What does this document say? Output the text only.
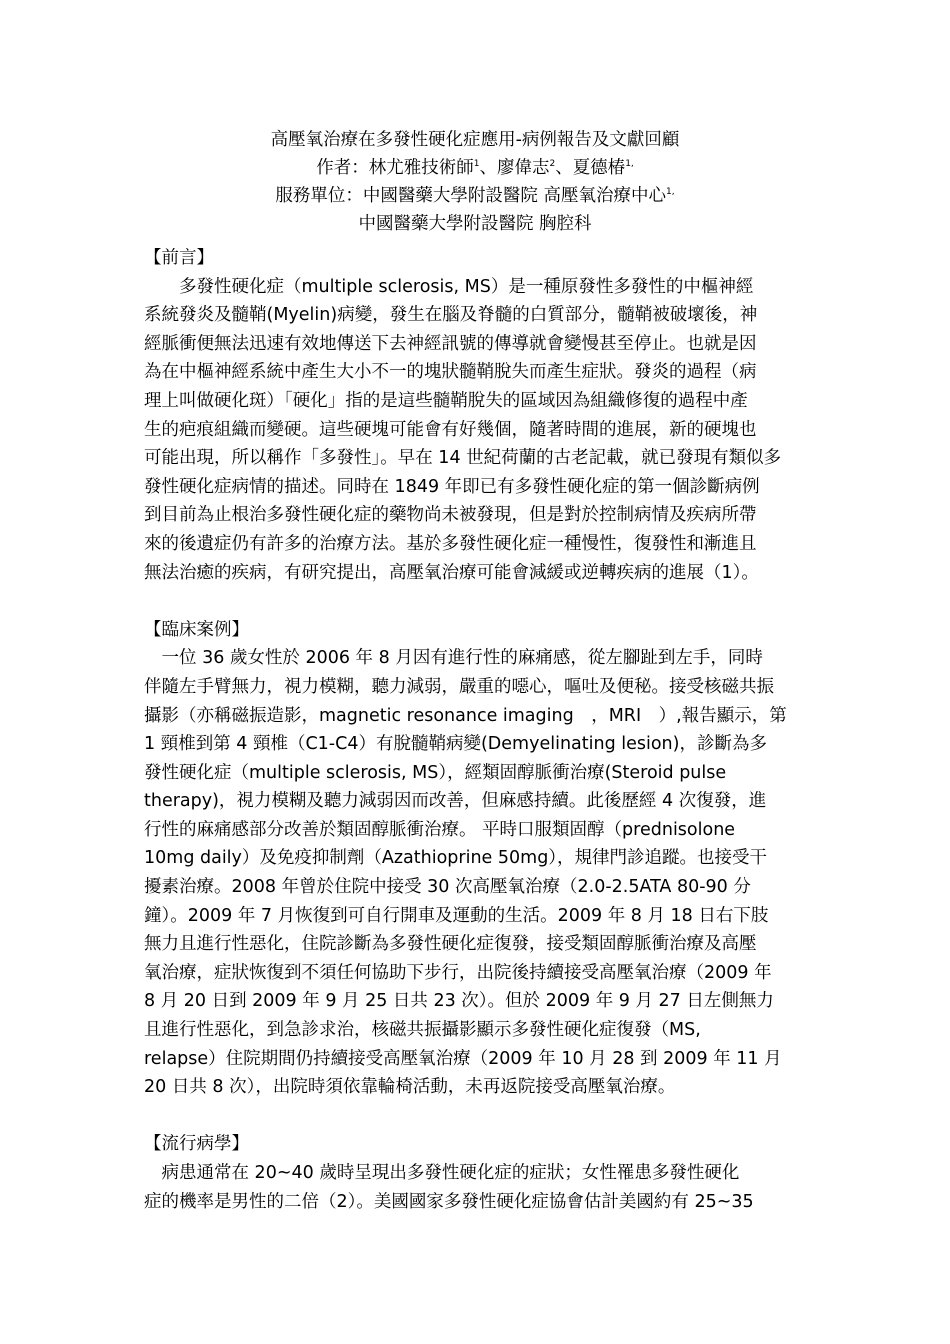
高壓氧治療在多發性硬化症應用-病例報告及文獻回顧
作者：林尤雅技術師$^1$、廖偉志$^2$、夏德椿$^{1,}$
服務單位：中國醫藥大學附設醫院 高壓氧治療中心$^{1,}$
中國醫藥大學附設醫院 胸腔科
【前言】
　　多發性硬化症（multiple sclerosis, MS）是一種原發性多發性的中樞神經
系統發炎及髓鞘(Myelin)病變，發生在腦及脊髓的白質部分，髓鞘被破壞後，神
經脈衝便無法迅速有效地傳送下去神經訊號的傳導就會變慢甚至停止。也就是因
為在中樞神經系統中產生大小不一的塊狀髓鞘脫失而產生症狀。發炎的過程（病
理上叫做硬化斑）「硬化」指的是這些髓鞘脫失的區域因為組織修復的過程中產
生的疤痕組織而變硬。這些硬塊可能會有好幾個，隨著時間的進展，新的硬塊也
可能出現，所以稱作「多發性」。早在 14 世紀荷蘭的古老記載，就已發現有類似多
發性硬化症病情的描述。同時在 1849 年即已有多發性硬化症的第一個診斷病例
到目前為止根治多發性硬化症的藥物尚未被發現，但是對於控制病情及疾病所帶
來的後遺症仍有許多的治療方法。基於多發性硬化症一種慢性，復發性和漸進且
無法治癒的疾病，有研究提出，高壓氧治療可能會減緩或逆轉疾病的進展（1）。
【臨床案例】
　一位 36 歲女性於 2006 年 8 月因有進行性的麻痛感，從左腳趾到左手，同時
伴隨左手臂無力，視力模糊，聽力減弱，嚴重的噁心，嘔吐及便秘。接受核磁共振
攝影（亦稱磁振造影，magnetic resonance imaging　，MRI　）,報告顯示，第
1 頸椎到第 4 頸椎（C1-C4）有脫髓鞘病變(Demyelinating lesion)，診斷為多
發性硬化症（multiple sclerosis, MS），經類固醇脈衝治療(Steroid pulse
therapy)，視力模糊及聽力減弱因而改善，但麻感持續。此後歷經 4 次復發，進
行性的麻痛感部分改善於類固醇脈衝治療。 平時口服類固醇（prednisolone
10mg daily）及免疫抑制劑（Azathioprine 50mg），規律門診追蹤。也接受干
擾素治療。2008 年曾於住院中接受 30 次高壓氧治療（2.0-2.5ATA 80-90 分
鐘）。2009 年 7 月恢復到可自行開車及運動的生活。2009 年 8 月 18 日右下肢
無力且進行性惡化，住院診斷為多發性硬化症復發，接受類固醇脈衝治療及高壓
氧治療，症狀恢復到不須任何協助下步行，出院後持續接受高壓氧治療（2009 年
8 月 20 日到 2009 年 9 月 25 日共 23 次）。但於 2009 年 9 月 27 日左側無力
且進行性惡化，到急診求治，核磁共振攝影顯示多發性硬化症復發（MS,
relapse）住院期間仍持續接受高壓氧治療（2009 年 10 月 28 到 2009 年 11 月
20 日共 8 次），出院時須依靠輪椅活動，未再返院接受高壓氧治療。
【流行病學】
　病患通常在 20~40 歲時呈現出多發性硬化症的症狀；女性罹患多發性硬化
症的機率是男性的二倍（2）。美國國家多發性硬化症協會估計美國約有 25~35
